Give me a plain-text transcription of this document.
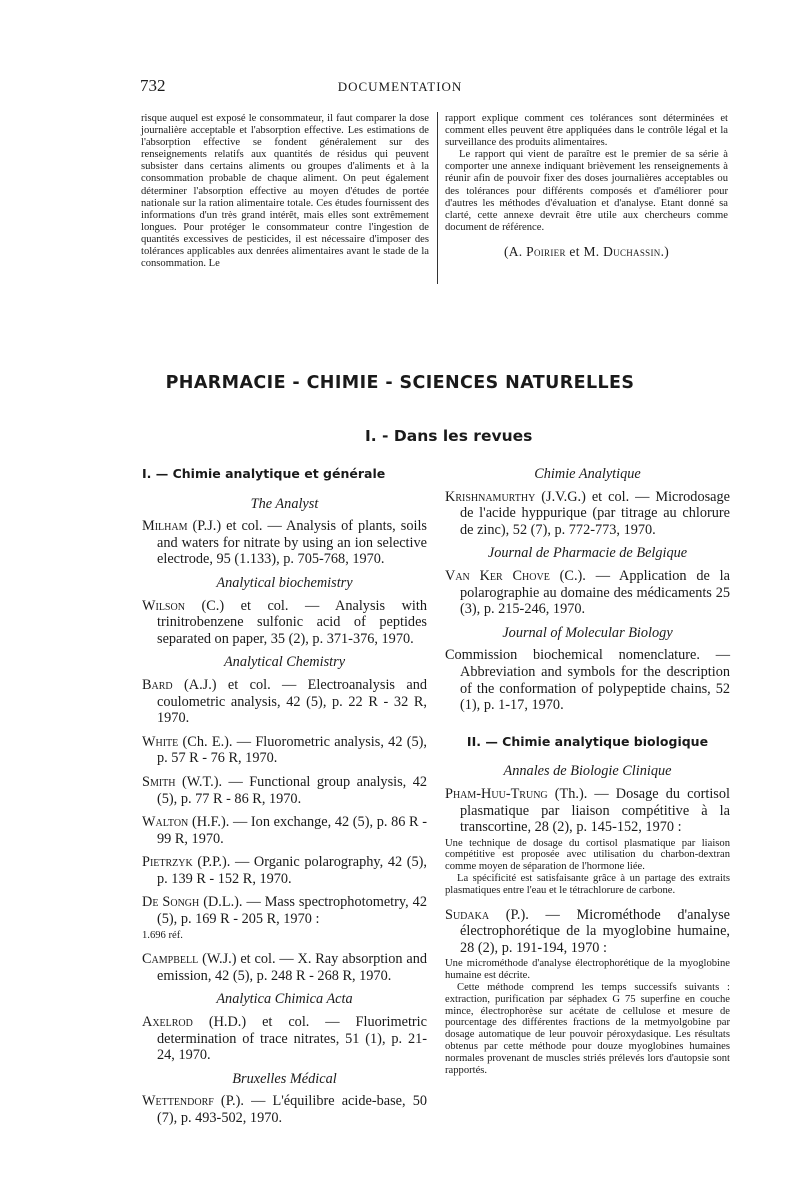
732	DOCUMENTATION

risque auquel est exposé le consommateur, il faut comparer la dose journalière acceptable et l'absorption effective. Les estimations de l'absorption effective se fondent généralement sur des renseignements relatifs aux quantités de résidus qui peuvent subsister dans certains aliments ou groupes d'aliments et à la consommation probable de chaque aliment. On peut également déterminer l'absorption effective au moyen d'études de portée nationale sur la ration alimentaire totale. Ces études fournissent des informations d'un très grand intérêt, mais elles sont extrêmement longues. Pour protéger le consommateur contre l'ingestion de quantités excessives de pesticides, il est nécessaire d'imposer des tolérances applicables aux denrées alimentaires avant le stade de la consommation. Le

rapport explique comment ces tolérances sont déterminées et comment elles peuvent être appliquées dans le contrôle légal et la surveillance des produits alimentaires.

Le rapport qui vient de paraître est le premier de sa série à comporter une annexe indiquant brièvement les renseignements à réunir afin de pouvoir fixer des doses journalières acceptables ou des tolérances pour différents composés et d'améliorer pour d'autres les méthodes d'évaluation et d'analyse. Etant donné sa clarté, cette annexe devrait être utile aux chercheurs comme document de référence.

(A. Poirier et M. Duchassin.)

PHARMACIE - CHIMIE - SCIENCES NATURELLES
I. - Dans les revues
I. — Chimie analytique et générale
The Analyst
Milham (P.J.) et col. — Analysis of plants, soils and waters for nitrate by using an ion selective electrode, 95 (1.133), p. 705-768, 1970.
Analytical biochemistry
Wilson (C.) et col. — Analysis with trinitrobenzene sulfonic acid of peptides separated on paper, 35 (2), p. 371-376, 1970.
Analytical Chemistry
Bard (A.J.) et col. — Electroanalysis and coulometric analysis, 42 (5), p. 22 R - 32 R, 1970.
White (Ch. E.). — Fluorometric analysis, 42 (5), p. 57 R - 76 R, 1970.
Smith (W.T.). — Functional group analysis, 42 (5), p. 77 R - 86 R, 1970.
Walton (H.F.). — Ion exchange, 42 (5), p. 86 R - 99 R, 1970.
Pietrzyk (P.P.). — Organic polarography, 42 (5), p. 139 R - 152 R, 1970.
De Songh (D.L.). — Mass spectrophotometry, 42 (5), p. 169 R - 205 R, 1970 :
1.696 réf.
Campbell (W.J.) et col. — X. Ray absorption and emission, 42 (5), p. 248 R - 268 R, 1970.
Analytica Chimica Acta
Axelrod (H.D.) et col. — Fluorimetric determination of trace nitrates, 51 (1), p. 21-24, 1970.
Bruxelles Médical
Wettendorf (P.). — L'équilibre acide-base, 50 (7), p. 493-502, 1970.
Chimie Analytique
Krishnamurthy (J.V.G.) et col. — Microdosage de l'acide hyppurique (par titrage au chlorure de zinc), 52 (7), p. 772-773, 1970.
Journal de Pharmacie de Belgique
Van Ker Chove (C.). — Application de la polarographie au domaine des médicaments 25 (3), p. 215-246, 1970.
Journal of Molecular Biology
Commission biochemical nomenclature. — Abbreviation and symbols for the description of the conformation of polypeptide chains, 52 (1), p. 1-17, 1970.
II. — Chimie analytique biologique
Annales de Biologie Clinique
Pham-Huu-Trung (Th.). — Dosage du cortisol plasmatique par liaison compétitive à la transcortine, 28 (2), p. 145-152, 1970 :

Une technique de dosage du cortisol plasmatique par liaison compétitive est proposée avec utilisation du charbon-dextran comme moyen de séparation de l'hormone liée.

La spécificité est satisfaisante grâce à un partage des extraits plasmatiques entre l'eau et le tétrachlorure de carbone.

Sudaka (P.). — Microméthode d'analyse électrophorétique de la myoglobine humaine, 28 (2), p. 191-194, 1970 :

Une microméthode d'analyse électrophorétique de la myoglobine humaine est décrite.

Cette méthode comprend les temps successifs suivants : extraction, purification par séphadex G 75 superfine en couche mince, électrophorèse sur acétate de cellulose et mesure de pourcentage des différentes fractions de la metmyolgobine par dosage automatique de leur pouvoir péroxydasique. Les résultats obtenus par cette méthode pour douze myoglobines humaines normales provenant de muscles striés prélevés lors d'autopsie sont rapportés.
